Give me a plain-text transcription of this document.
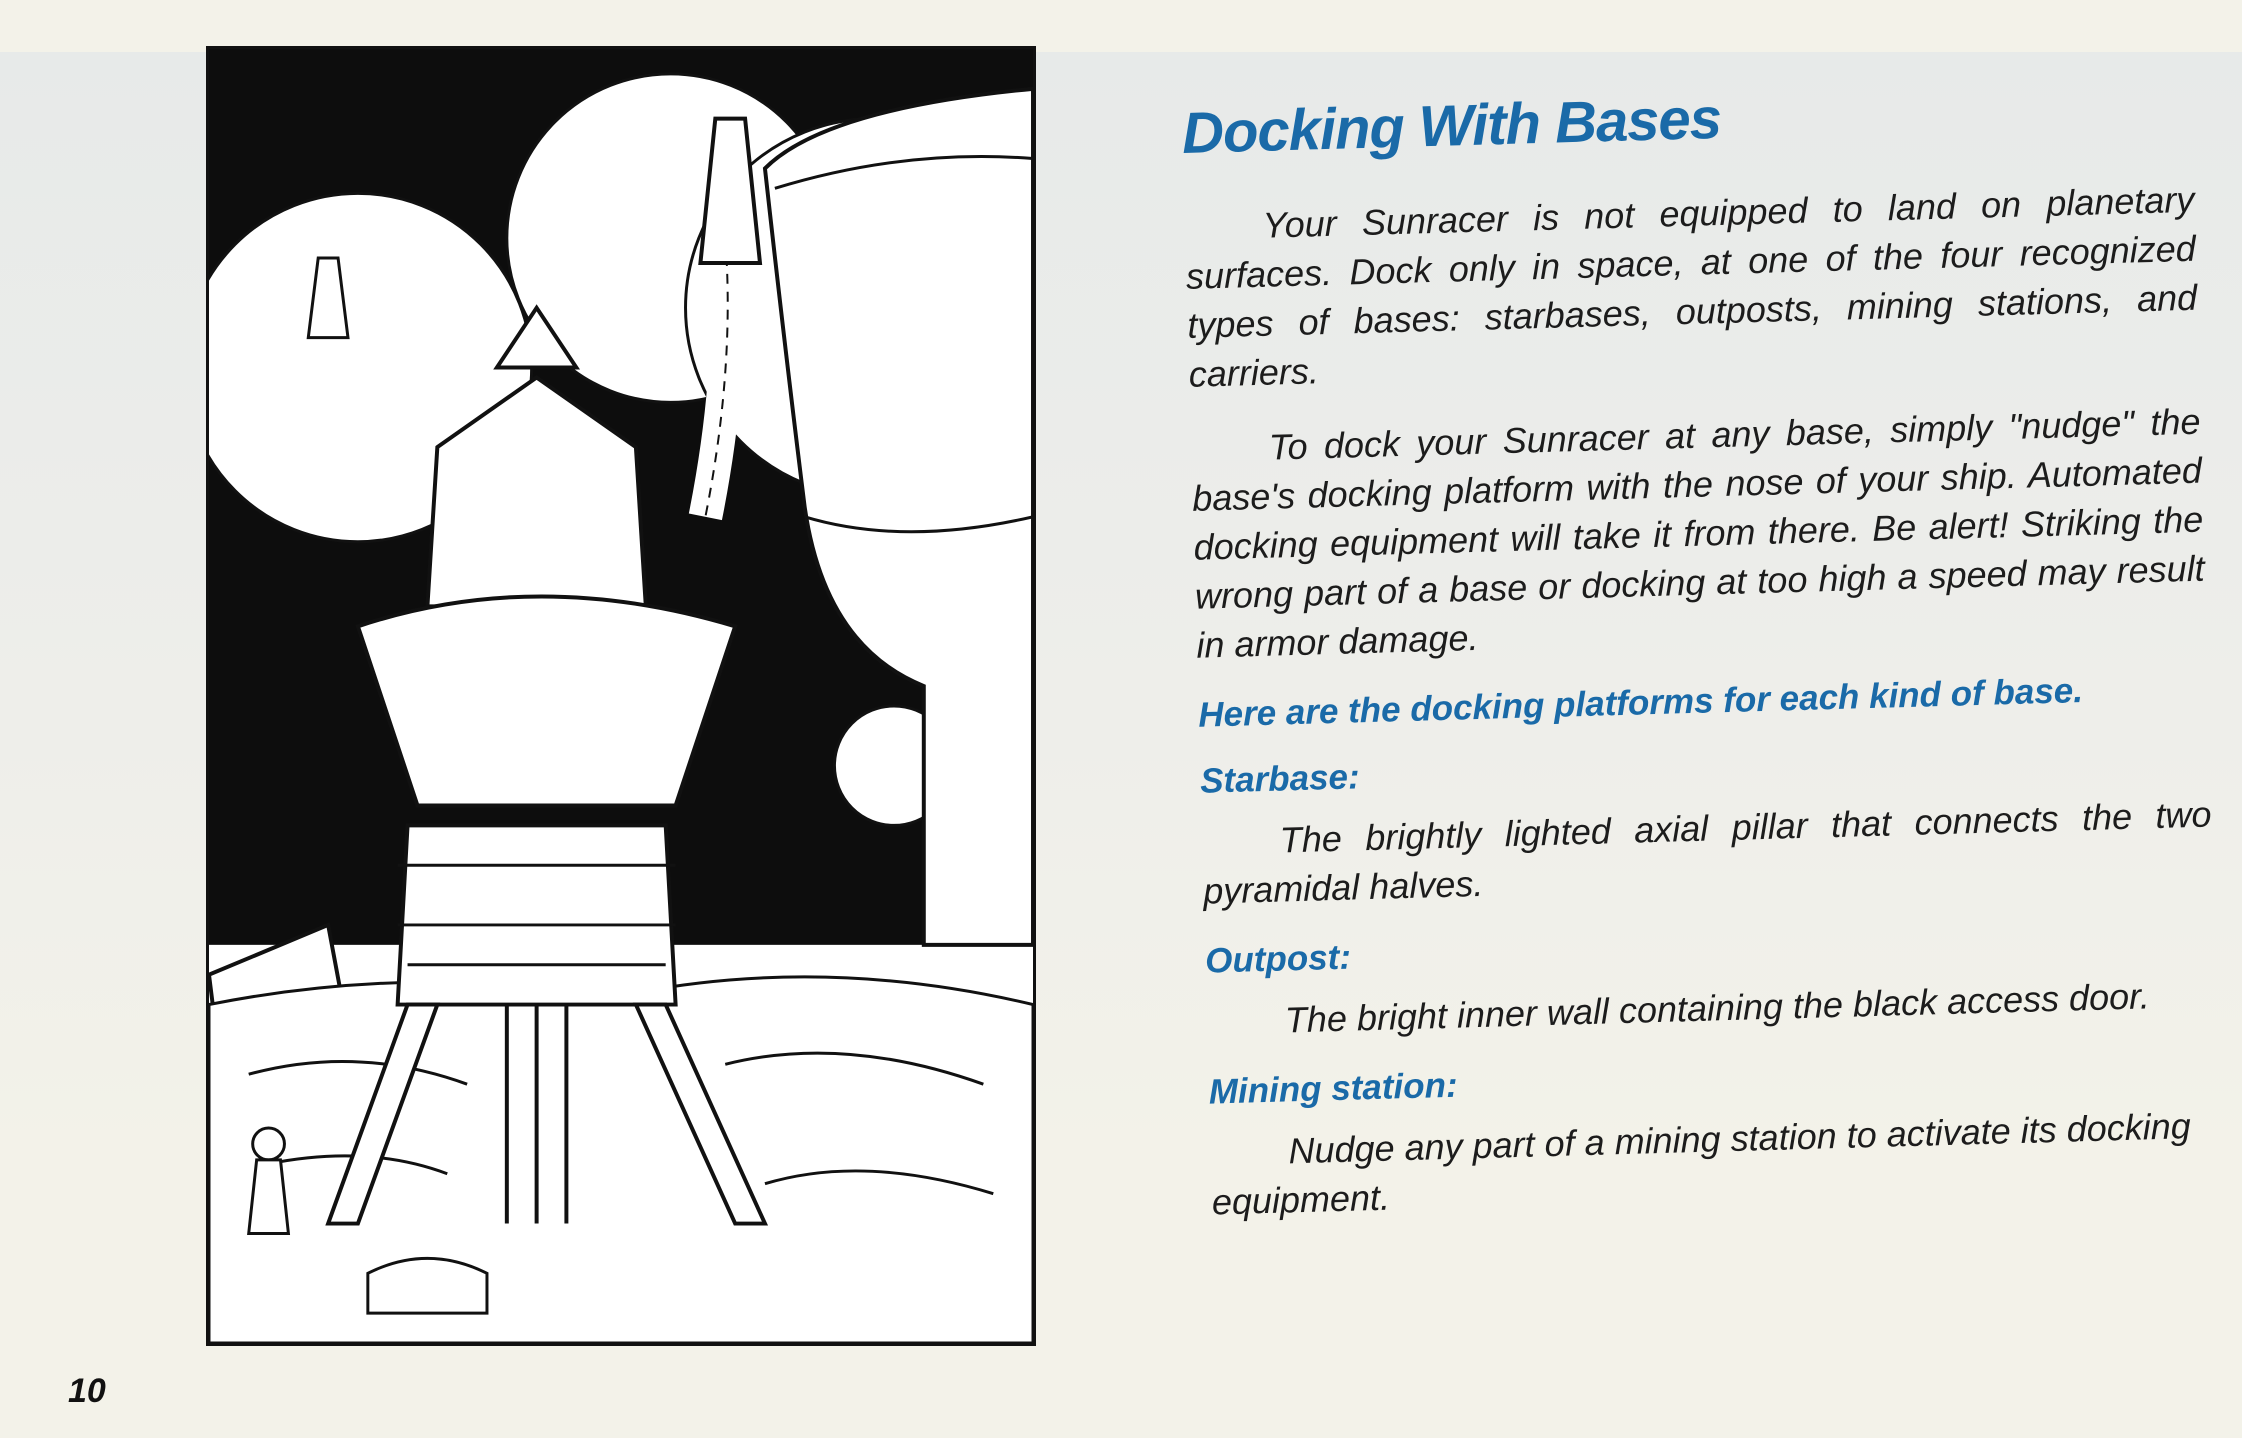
10
Docking With Bases

Your Sunracer is not equipped to land on planetary surfaces. Dock only in space, at one of the four recognized types of bases: starbases, outposts, mining stations, and carriers.

To dock your Sunracer at any base, simply "nudge" the base's docking platform with the nose of your ship. Automated docking equipment will take it from there. Be alert! Striking the wrong part of a base or docking at too high a speed may result in armor damage.

Here are the docking platforms for each kind of base.
Starbase:

The brightly lighted axial pillar that connects the two pyramidal halves.

Outpost:

The bright inner wall containing the black access door.

Mining station:

Nudge any part of a mining station to activate its docking equipment.
